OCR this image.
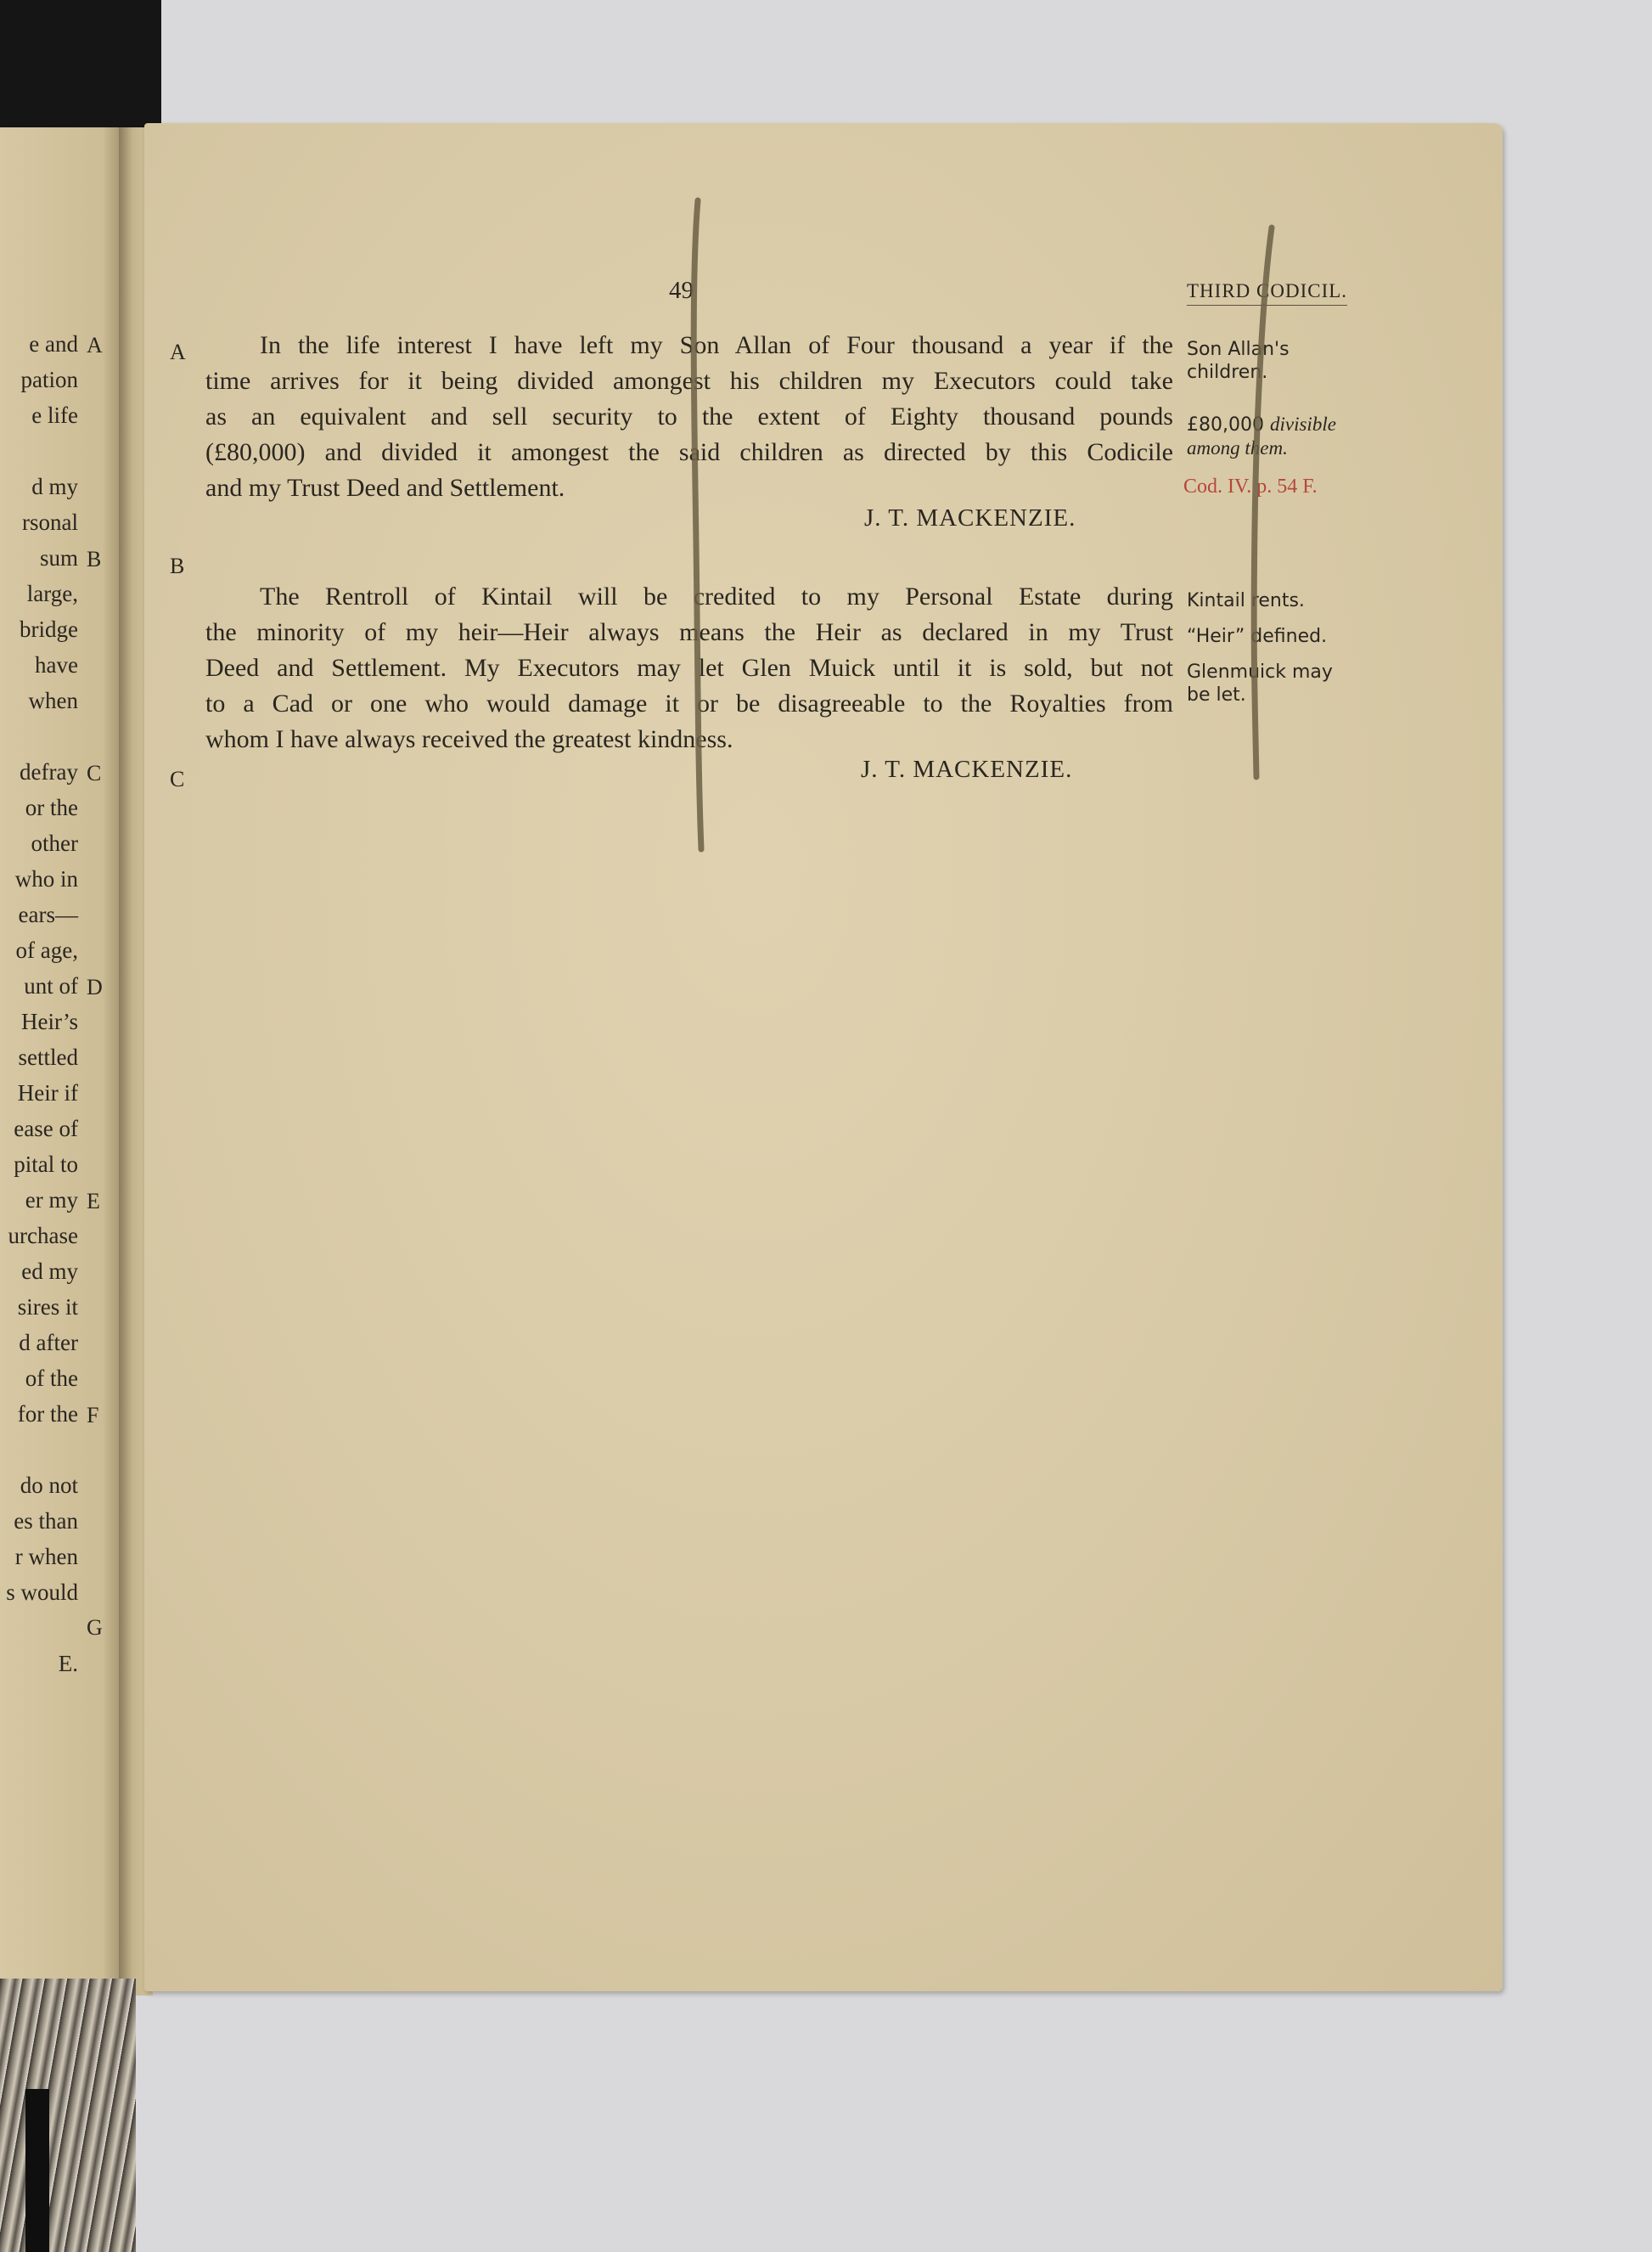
e and
pation
e life
d my
rsonal
sum
large,
bridge
have
when
defray
or the
other
who in
ears—
of age,
unt of
Heir’s
settled
Heir if
ease of
pital to
er my
urchase
ed my
sires it
d after
of the
for the
do not
es than
r when
s would
E.
A
B
C
D
E
F
G
49	THIRD CODICIL.
A
B
C

In the life interest I have left my Son Allan of Four thousand a year if the
time arrives for it being divided amongest his children my Executors could take
as an equivalent and sell security to the extent of Eighty thousand pounds
(£80,000) and divided it amongest the said children as directed by this Codicile
and my Trust Deed and Settlement.

J. T. MACKENZIE.

The Rentroll of Kintail will be credited to my Personal Estate during
the minority of my heir—Heir always means the Heir as declared in my Trust
Deed and Settlement. My Executors may let Glen Muick until it is sold, but not
to a Cad or one who would damage it or be disagreeable to the Royalties from
whom I have always received the greatest kindness.

J. T. MACKENZIE.
Son Allan's
children.
£80,000 divisible
among them.
Cod. IV. p. 54 F.
Kintail rents.
“Heir” defined.
Glenmuick may
be let.
